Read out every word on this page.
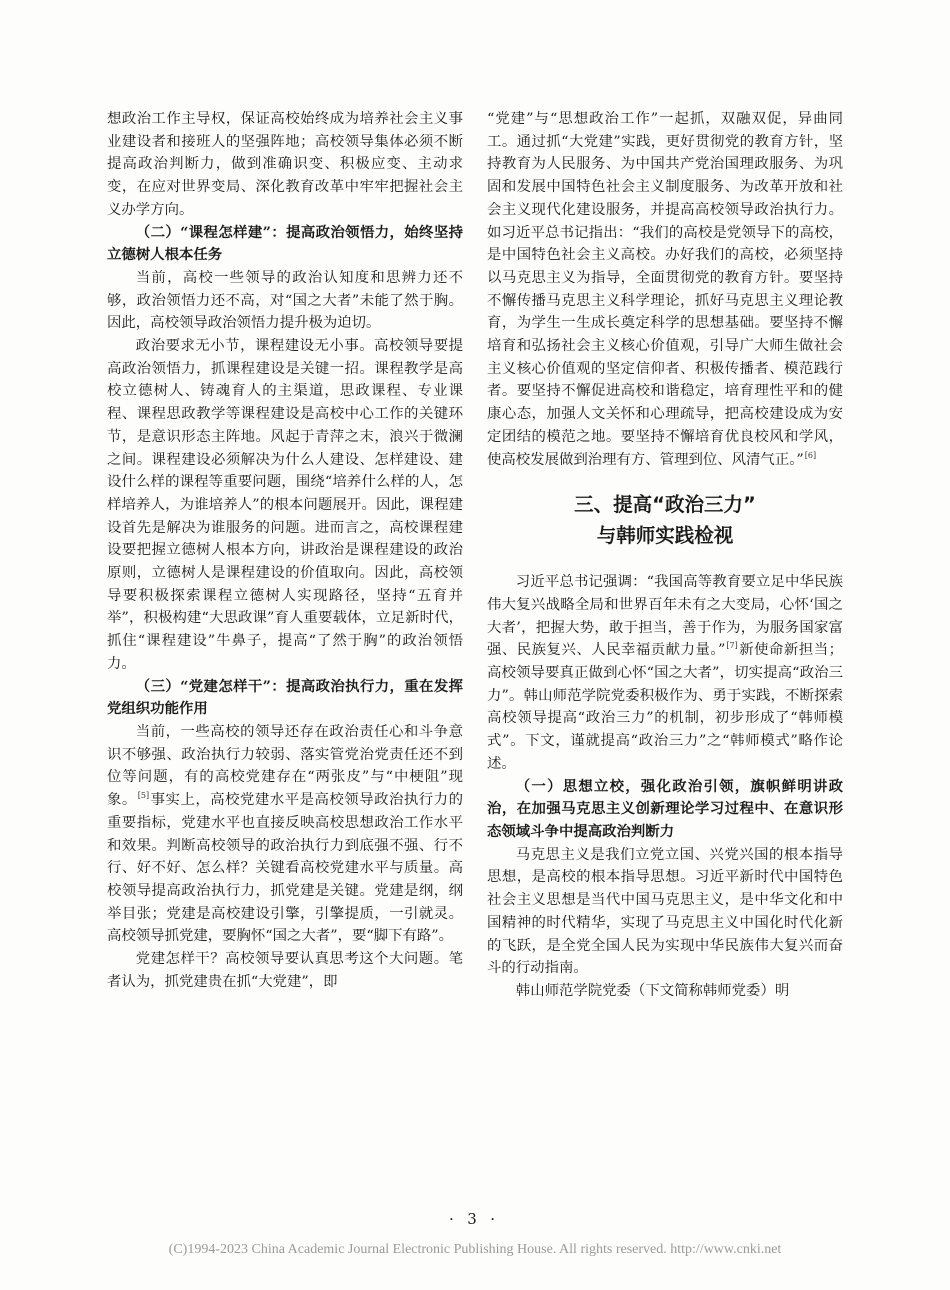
想政治工作主导权，保证高校始终成为培养社会主义事业建设者和接班人的坚强阵地；高校领导集体必须不断提高政治判断力，做到准确识变、积极应变、主动求变，在应对世界变局、深化教育改革中牢牢把握社会主义办学方向。

（二）“课程怎样建”：提高政治领悟力，始终坚持立德树人根本任务

当前，高校一些领导的政治认知度和思辨力还不够，政治领悟力还不高，对“国之大者”未能了然于胸。因此，高校领导政治领悟力提升极为迫切。

政治要求无小节，课程建设无小事。高校领导要提高政治领悟力，抓课程建设是关键一招。课程教学是高校立德树人、铸魂育人的主渠道，思政课程、专业课程、课程思政教学等课程建设是高校中心工作的关键环节，是意识形态主阵地。风起于青萍之末，浪兴于微澜之间。课程建设必须解决为什么人建设、怎样建设、建设什么样的课程等重要问题，围绕“培养什么样的人，怎样培养人，为谁培养人”的根本问题展开。因此，课程建设首先是解决为谁服务的问题。进而言之，高校课程建设要把握立德树人根本方向，讲政治是课程建设的政治原则，立德树人是课程建设的价值取向。因此，高校领导要积极探索课程立德树人实现路径，坚持“五育并举”，积极构建“大思政课”育人重要载体，立足新时代，抓住“课程建设”牛鼻子，提高“了然于胸”的政治领悟力。

（三）“党建怎样干”：提高政治执行力，重在发挥党组织功能作用

当前，一些高校的领导还存在政治责任心和斗争意识不够强、政治执行力较弱、落实管党治党责任还不到位等问题，有的高校党建存在“两张皮”与“中梗阻”现象。[5]事实上，高校党建水平是高校领导政治执行力的重要指标，党建水平也直接反映高校思想政治工作水平和效果。判断高校领导的政治执行力到底强不强、行不行、好不好、怎么样？关键看高校党建水平与质量。高校领导提高政治执行力，抓党建是关键。党建是纲，纲举目张；党建是高校建设引擎，引擎提质，一引就灵。高校领导抓党建，要胸怀“国之大者”，要“脚下有路”。

党建怎样干？高校领导要认真思考这个大问题。笔者认为，抓党建贵在抓“大党建”，即

“党建”与“思想政治工作”一起抓，双融双促，异曲同工。通过抓“大党建”实践，更好贯彻党的教育方针，坚持教育为人民服务、为中国共产党治国理政服务、为巩固和发展中国特色社会主义制度服务、为改革开放和社会主义现代化建设服务，并提高高校领导政治执行力。如习近平总书记指出：“我们的高校是党领导下的高校，是中国特色社会主义高校。办好我们的高校，必须坚持以马克思主义为指导，全面贯彻党的教育方针。要坚持不懈传播马克思主义科学理论，抓好马克思主义理论教育，为学生一生成长奠定科学的思想基础。要坚持不懈培育和弘扬社会主义核心价值观，引导广大师生做社会主义核心价值观的坚定信仰者、积极传播者、模范践行者。要坚持不懈促进高校和谐稳定，培育理性平和的健康心态，加强人文关怀和心理疏导，把高校建设成为安定团结的模范之地。要坚持不懈培育优良校风和学风，使高校发展做到治理有方、管理到位、风清气正。”[6]

三、提高“政治三力”
与韩师实践检视

习近平总书记强调：“我国高等教育要立足中华民族伟大复兴战略全局和世界百年未有之大变局，心怀‘国之大者’，把握大势，敢于担当，善于作为，为服务国家富强、民族复兴、人民幸福贡献力量。”[7]新使命新担当；高校领导要真正做到心怀“国之大者”，切实提高“政治三力”。韩山师范学院党委积极作为、勇于实践，不断探索高校领导提高“政治三力”的机制，初步形成了“韩师模式”。下文，谨就提高“政治三力”之“韩师模式”略作论述。

（一）思想立校，强化政治引领，旗帜鲜明讲政治，在加强马克思主义创新理论学习过程中、在意识形态领域斗争中提高政治判断力

马克思主义是我们立党立国、兴党兴国的根本指导思想，是高校的根本指导思想。习近平新时代中国特色社会主义思想是当代中国马克思主义，是中华文化和中国精神的时代精华，实现了马克思主义中国化时代化新的飞跃，是全党全国人民为实现中华民族伟大复兴而奋斗的行动指南。

韩山师范学院党委（下文简称韩师党委）明

· 3 ·
(C)1994-2023 China Academic Journal Electronic Publishing House. All rights reserved. http://www.cnki.net
